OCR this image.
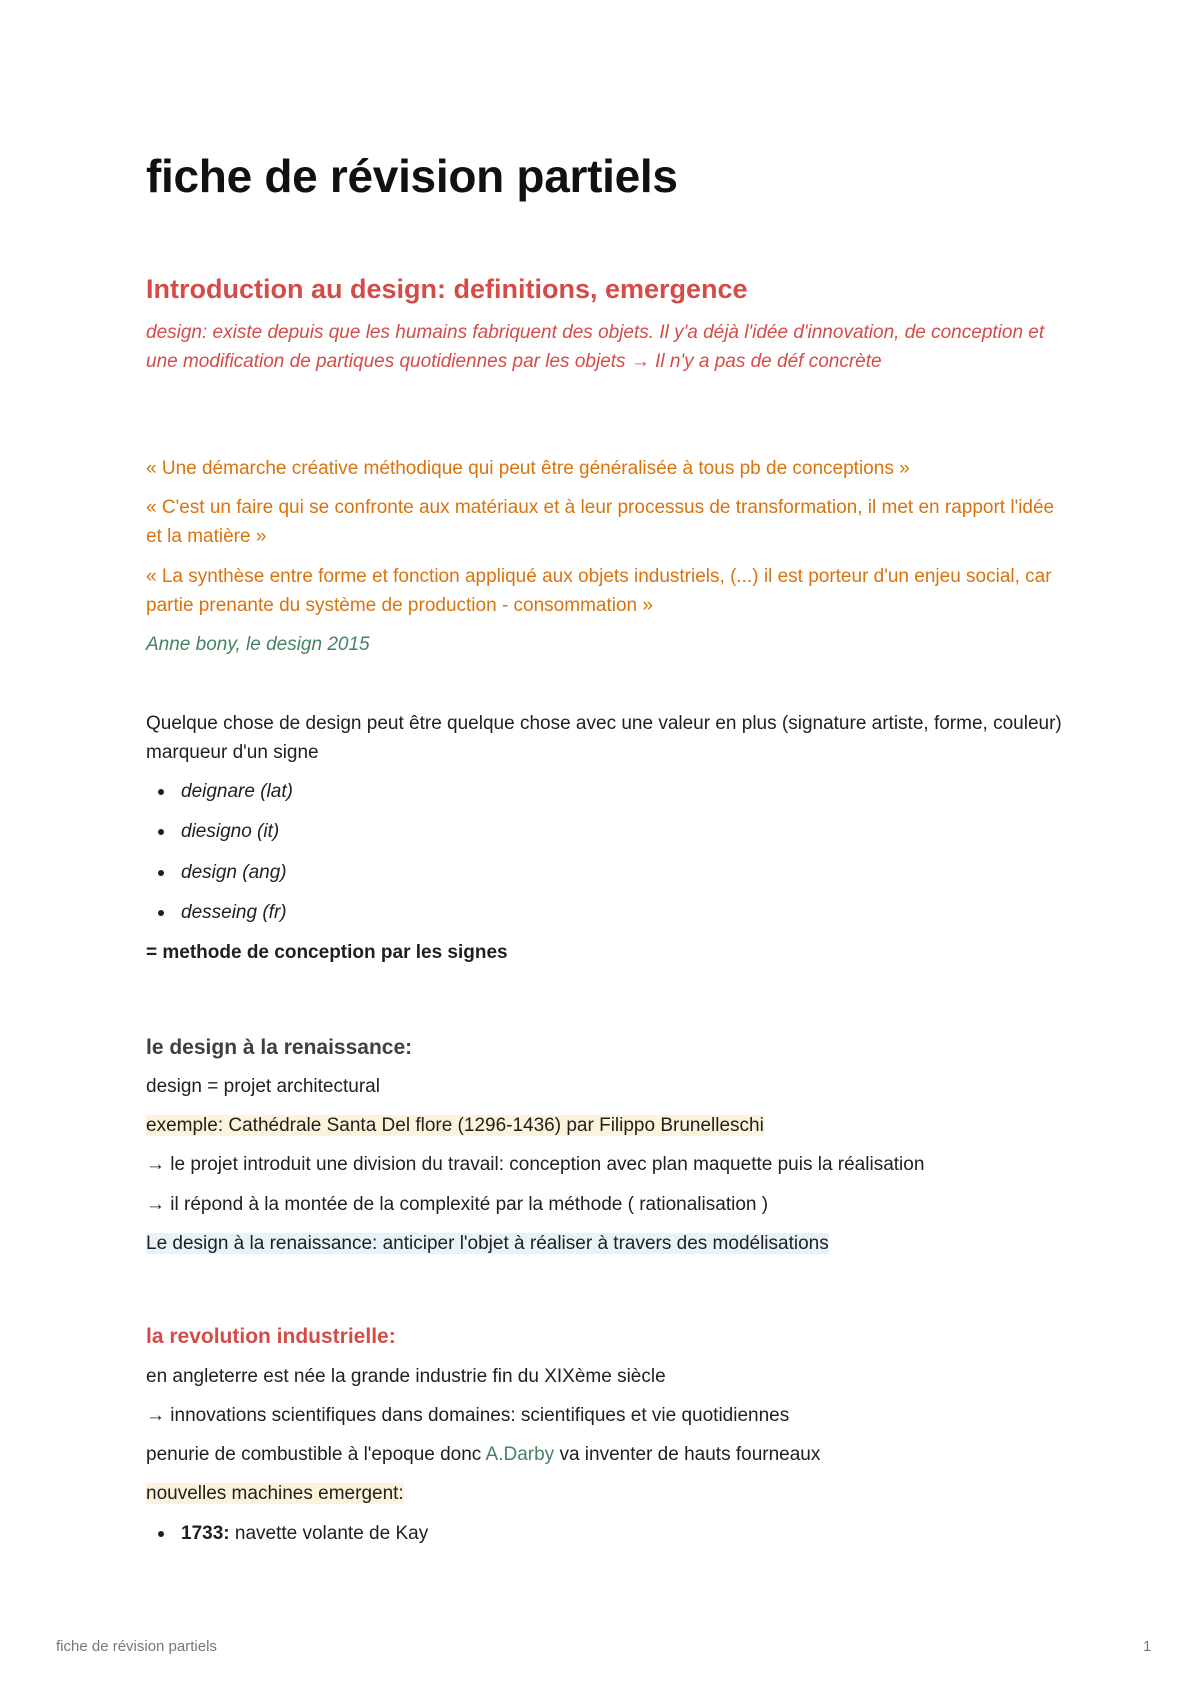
fiche de révision partiels
Introduction au design: definitions, emergence

design: existe depuis que les humains fabriquent des objets. Il y'a déjà l'idée d'innovation, de conception et une modification de partiques quotidiennes par les objets → Il n'y a pas de déf concrète

« Une démarche créative méthodique qui peut être généralisée à tous pb de conceptions »

« C'est un faire qui se confronte aux matériaux et à leur processus de transformation, il met en rapport l'idée et la matière »

« La synthèse entre forme et fonction appliqué aux objets industriels, (...) il est porteur d'un enjeu social, car partie prenante du système de production - consommation »

Anne bony, le design 2015

Quelque chose de design peut être quelque chose avec une valeur en plus (signature artiste, forme, couleur) marqueur d'un signe

deignare (lat)
diesigno (it)
design (ang)
desseing (fr)

= methode de conception par les signes

le design à la renaissance:

design = projet architectural

exemple: Cathédrale Santa Del flore (1296-1436) par Filippo Brunelleschi

→ le projet introduit une division du travail: conception avec plan maquette puis la réalisation

→ il répond à la montée de la complexité par la méthode ( rationalisation )

Le design à la renaissance: anticiper l'objet à réaliser à travers des modélisations

la revolution industrielle:

en angleterre est née la grande industrie fin du XIXème siècle

→ innovations scientifiques dans domaines: scientifiques et vie quotidiennes

penurie de combustible à l'epoque donc A.Darby va inventer de hauts fourneaux

nouvelles machines emergent:

1733: navette volante de Kay
fiche de révision partiels	1
